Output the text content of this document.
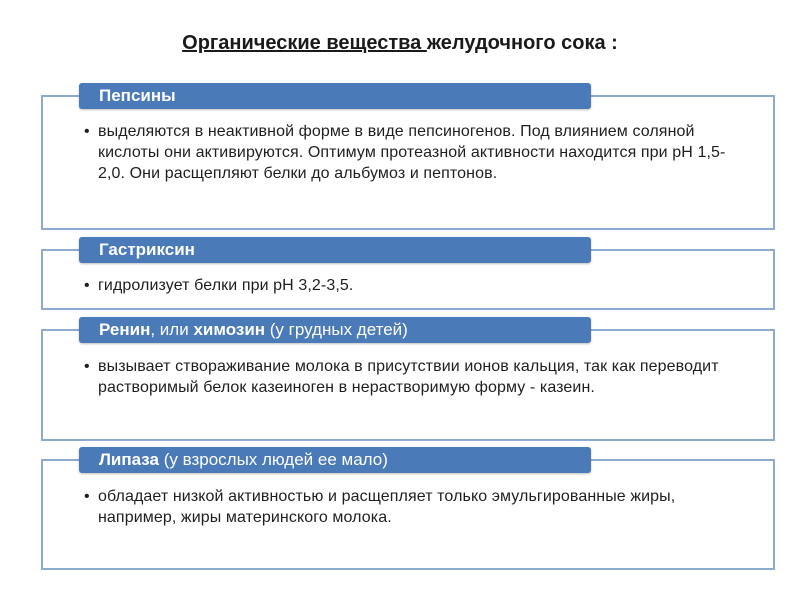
Органические вещества желудочного сока :
Пепсины
• выделяются в неактивной форме в виде пепсиногенов. Под влиянием соляной кислоты они активируются. Оптимум протеазной активности находится при рН 1,5-2,0. Они расщепляют белки до альбумоз и пептонов.
Гастриксин
• гидролизует белки при рН 3,2-3,5.
Ренин, или химозин (у грудных детей)
• вызывает створаживание молока в присутствии ионов кальция, так как переводит растворимый белок казеиноген в нерастворимую форму - казеин.
Липаза (у взрослых людей ее мало)
• обладает низкой активностью и расщепляет только эмульгированные жиры, например, жиры материнского молока.
